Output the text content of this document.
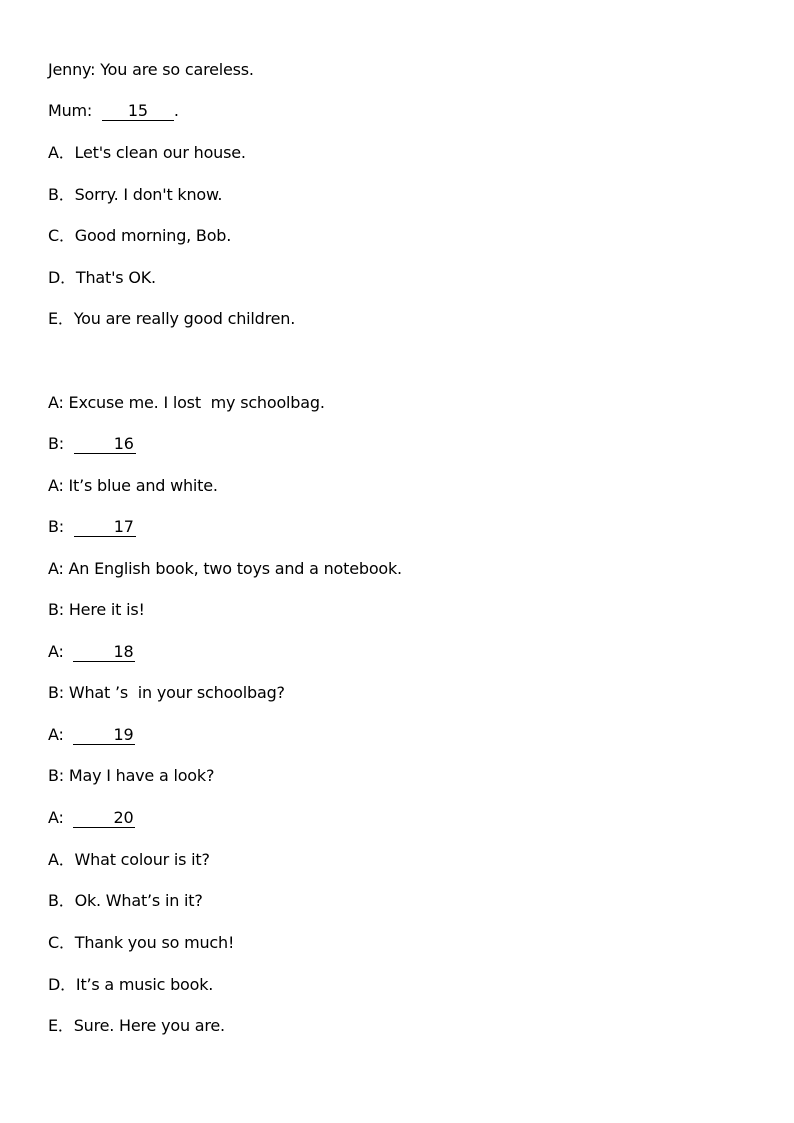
Jenny: You are so careless.
Mum:  15 .
A．Let's clean our house.
B．Sorry. I don't know.
C．Good morning, Bob.
D．That's OK.
E．You are really good children.
A: Excuse me. I lost  my schoolbag.
B:	16
A: It’s blue and white.
B:	17
A: An English book, two toys and a notebook.
B: Here it is!
A:	18
B: What ’s  in your schoolbag?
A:	19
B: May I have a look?
A:	20
A．What colour is it?
B．Ok. What’s in it?
C．Thank you so much!
D．It’s a music book.
E．Sure. Here you are.
